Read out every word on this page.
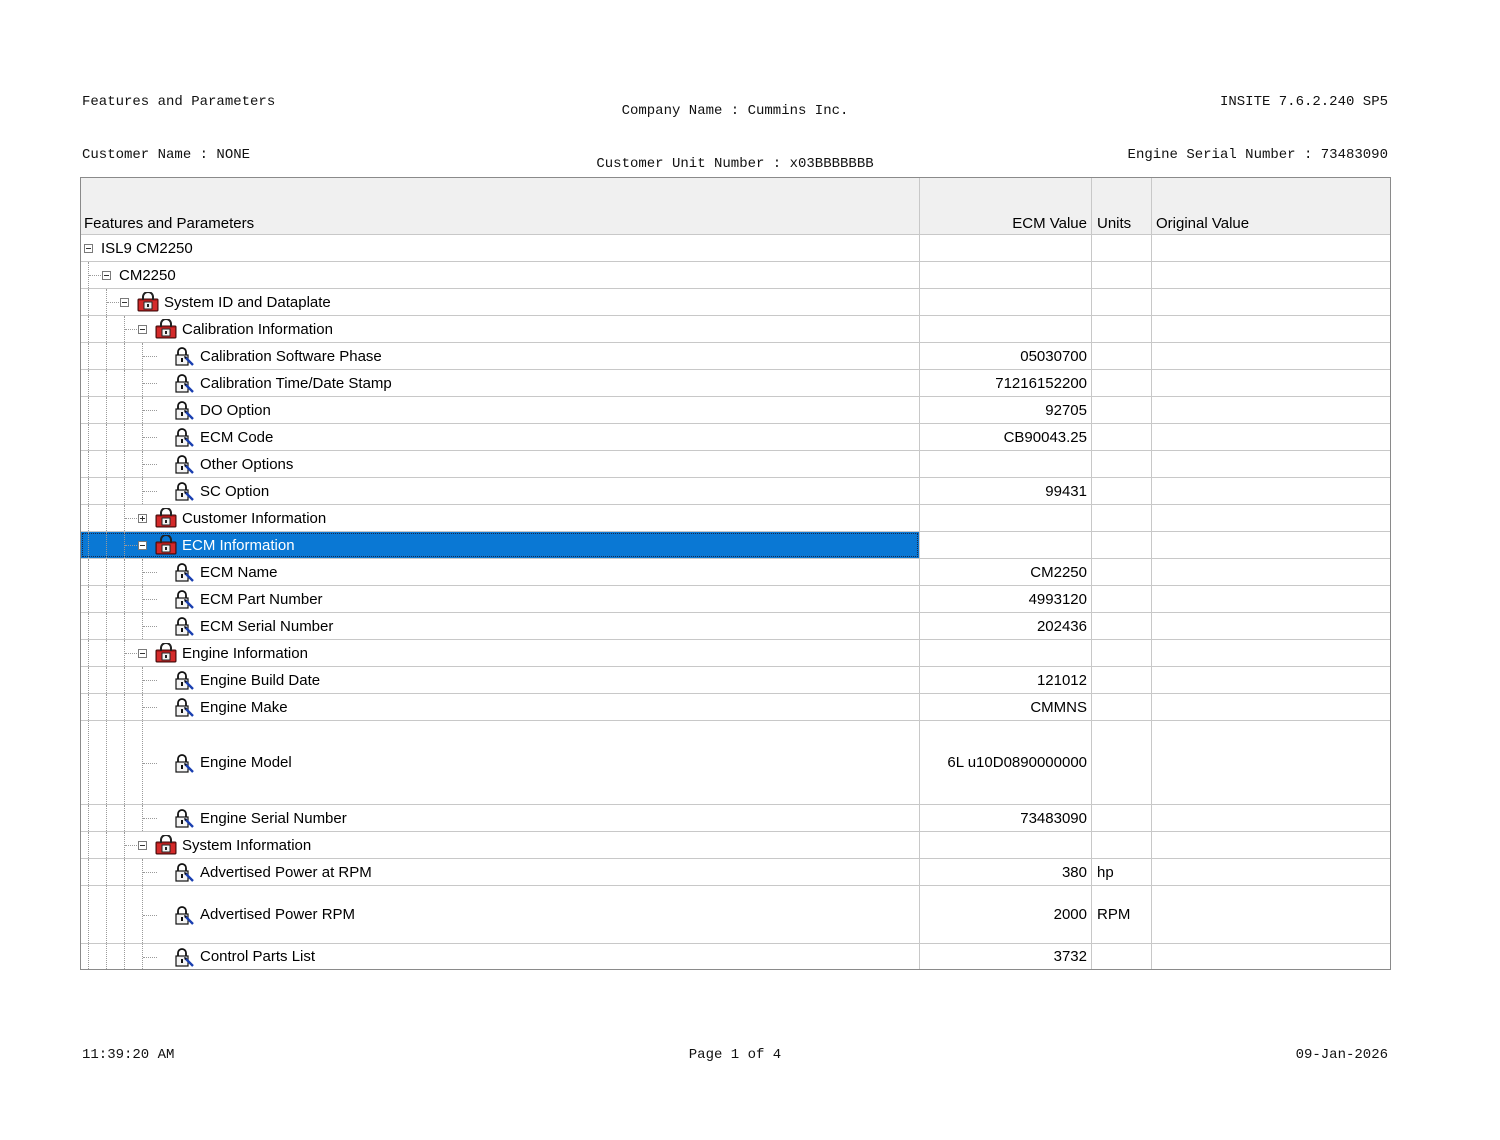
Features and Parameters

Customer Name : NONE

Company Name : Cummins Inc.

Customer Unit Number : x03BBBBBBB

INSITE 7.6.2.240 SP5

Engine Serial Number : 73483090

Features and Parameters	ECM Value Units Original Value
ISL9 CM2250
CM2250
System ID and Dataplate
Calibration Information
Calibration Software Phase	05030700
Calibration Time/Date Stamp	71216152200
DO Option	92705
ECM Code	CB90043.25
Other Options
SC Option	99431
Customer Information
ECM Information
ECM Name	CM2250
ECM Part Number	4993120
ECM Serial Number	202436
Engine Information
Engine Build Date	121012
Engine Make	CMMNS
Engine Model	6L u10D0890000000
Engine Serial Number	73483090
System Information
Advertised Power at RPM	380 hp
Advertised Power RPM	2000 RPM
Control Parts List	3732
11:39:20 AM	Page 1 of 4	09-Jan-2026
